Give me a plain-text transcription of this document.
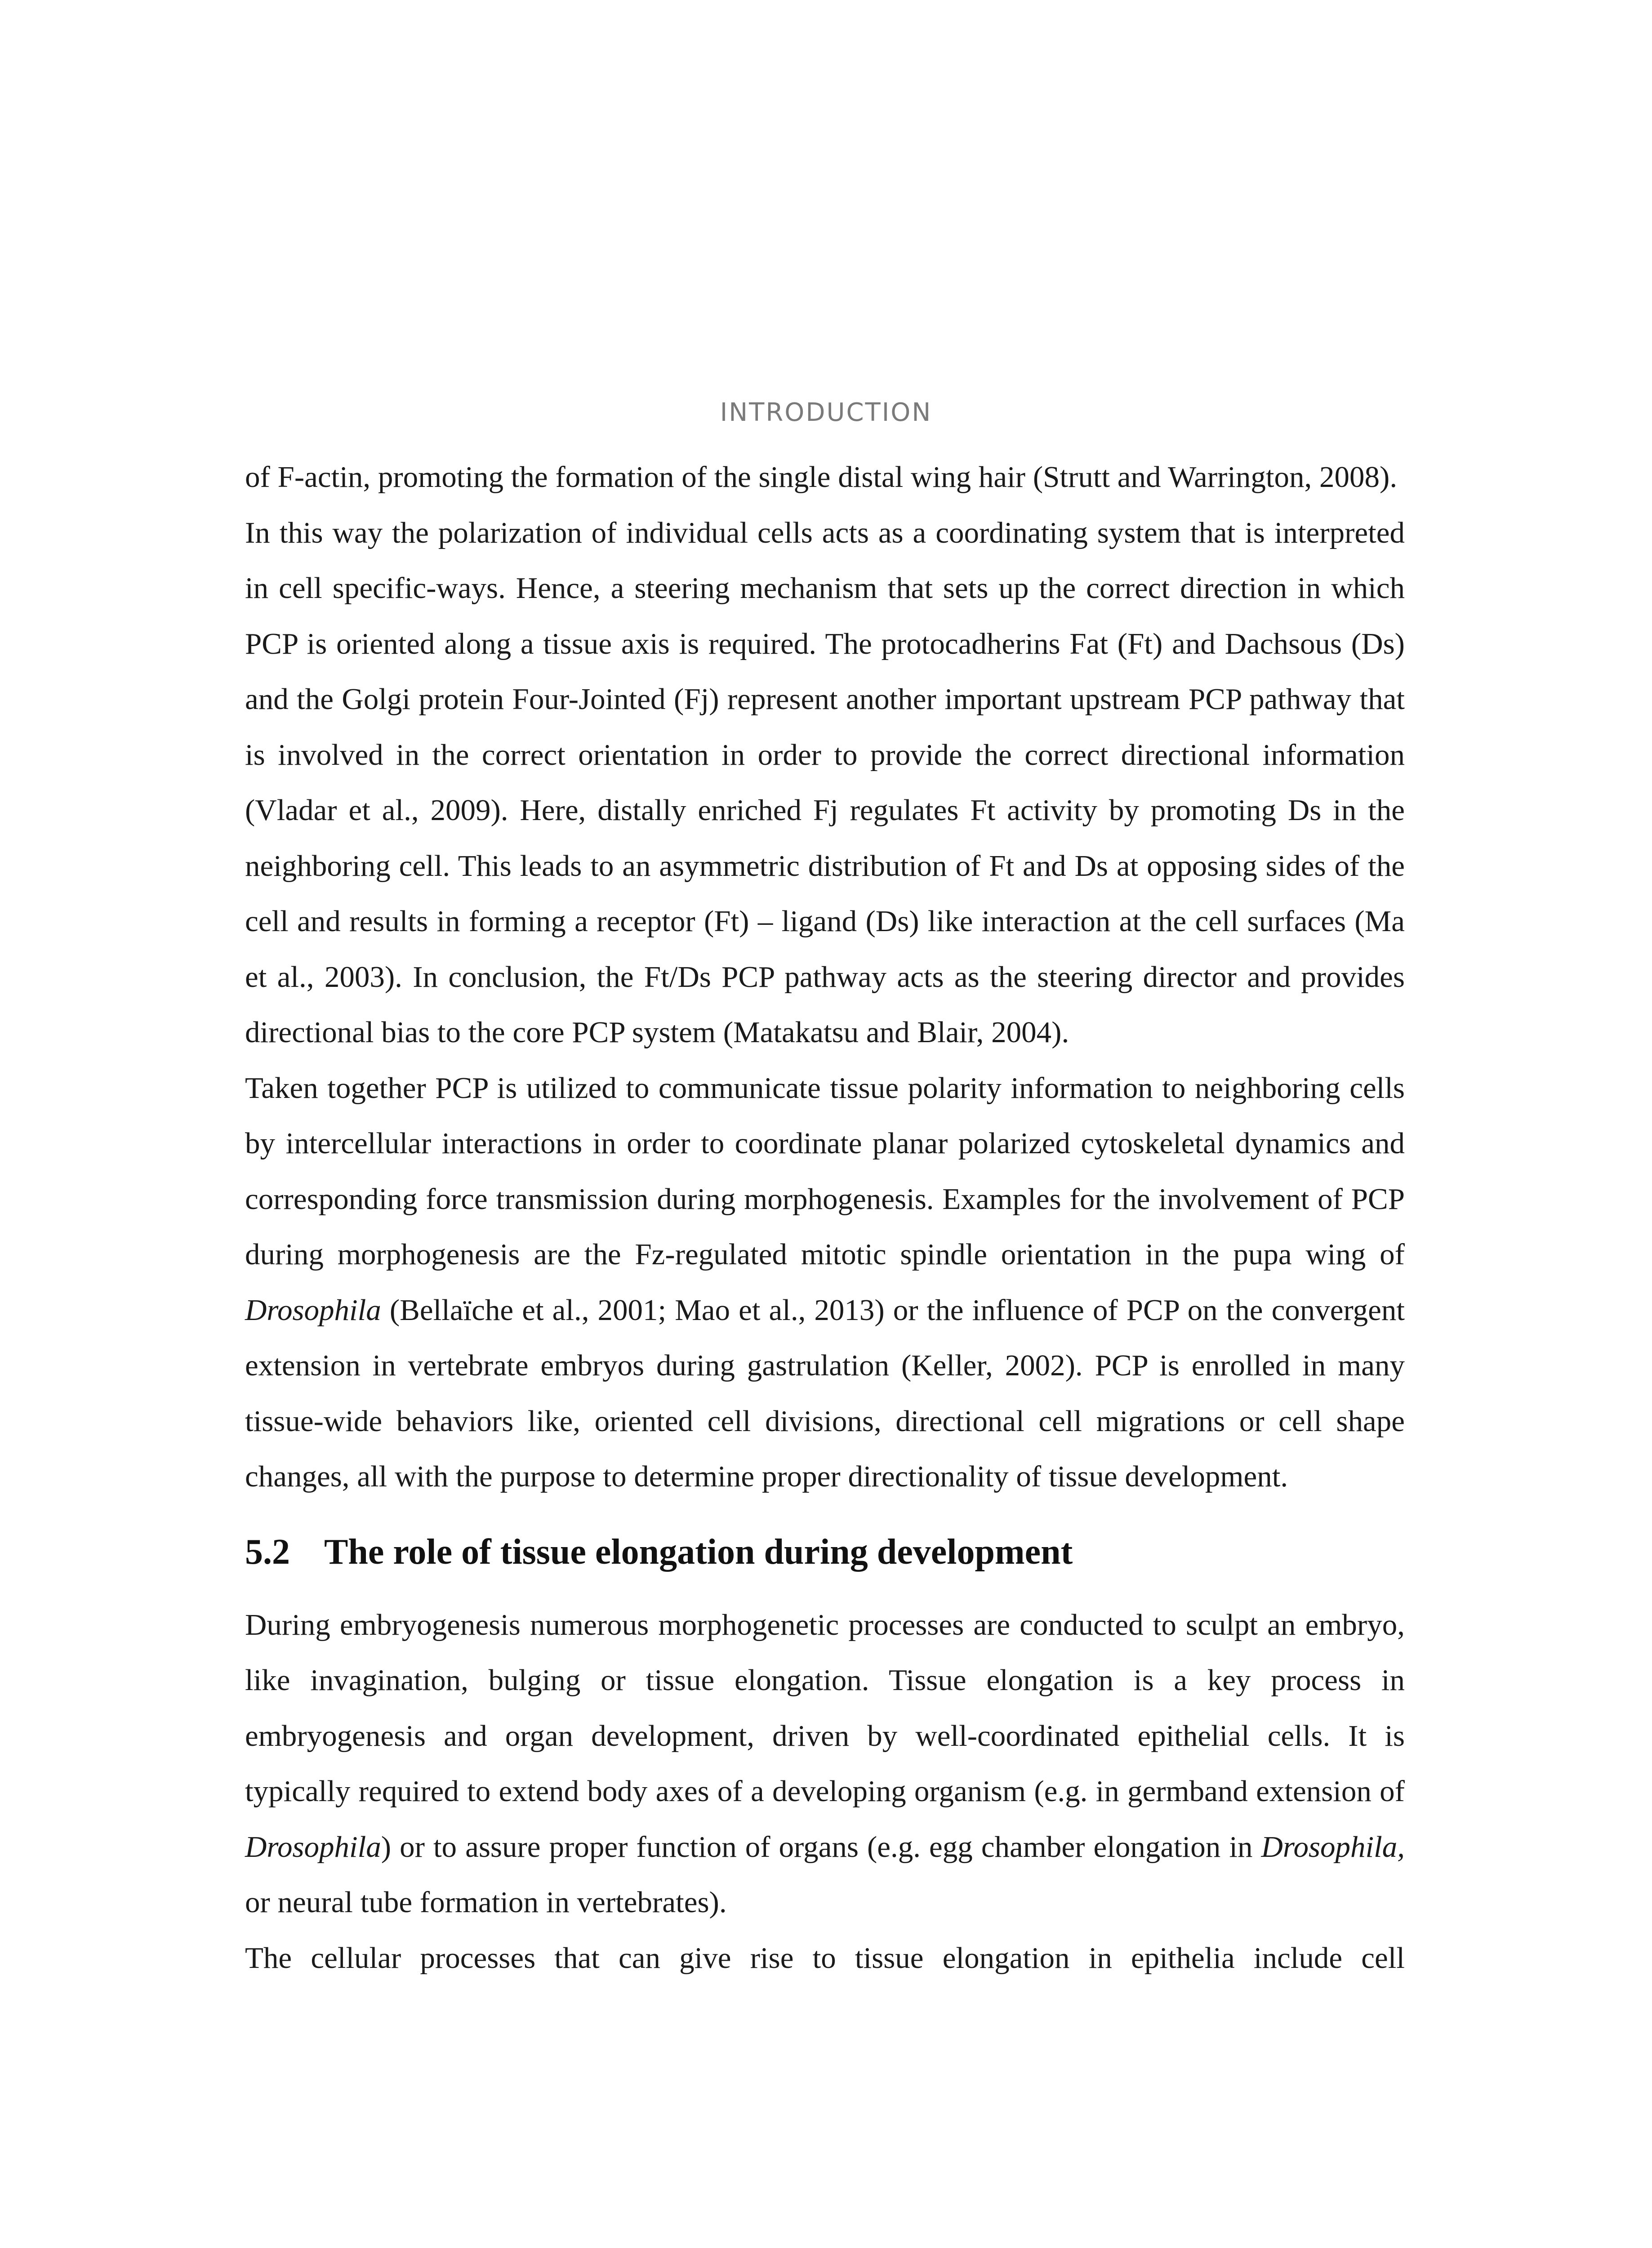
INTRODUCTION

of F-actin, promoting the formation of the single distal wing hair (Strutt and Warrington, 2008).

In this way the polarization of individual cells acts as a coordinating system that is interpreted in cell specific-ways. Hence, a steering mechanism that sets up the correct direction in which PCP is oriented along a tissue axis is required. The protocadherins Fat (Ft) and Dachsous (Ds) and the Golgi protein Four-Jointed (Fj) represent another important upstream PCP pathway that is involved in the correct orientation in order to provide the correct directional information (Vladar et al., 2009). Here, distally enriched Fj regulates Ft activity by promoting Ds in the neighboring cell. This leads to an asymmetric distribution of Ft and Ds at opposing sides of the cell and results in forming a receptor (Ft) – ligand (Ds) like interaction at the cell surfaces (Ma et al., 2003). In conclusion, the Ft/Ds PCP pathway acts as the steering director and provides directional bias to the core PCP system (Matakatsu and Blair, 2004).

Taken together PCP is utilized to communicate tissue polarity information to neighboring cells by intercellular interactions in order to coordinate planar polarized cytoskeletal dynamics and corresponding force transmission during morphogenesis. Examples for the involvement of PCP during morphogenesis are the Fz-regulated mitotic spindle orientation in the pupa wing of Drosophila (Bellaïche et al., 2001; Mao et al., 2013) or the influence of PCP on the convergent extension in vertebrate embryos during gastrulation (Keller, 2002). PCP is enrolled in many tissue-wide behaviors like, oriented cell divisions, directional cell migrations or cell shape changes, all with the purpose to determine proper directionality of tissue development.

5.2 The role of tissue elongation during development

During embryogenesis numerous morphogenetic processes are conducted to sculpt an embryo, like invagination, bulging or tissue elongation. Tissue elongation is a key process in embryogenesis and organ development, driven by well-coordinated epithelial cells. It is typically required to extend body axes of a developing organism (e.g. in germband extension of Drosophila) or to assure proper function of organs (e.g. egg chamber elongation in Drosophila, or neural tube formation in vertebrates).

The cellular processes that can give rise to tissue elongation in epithelia include cell
